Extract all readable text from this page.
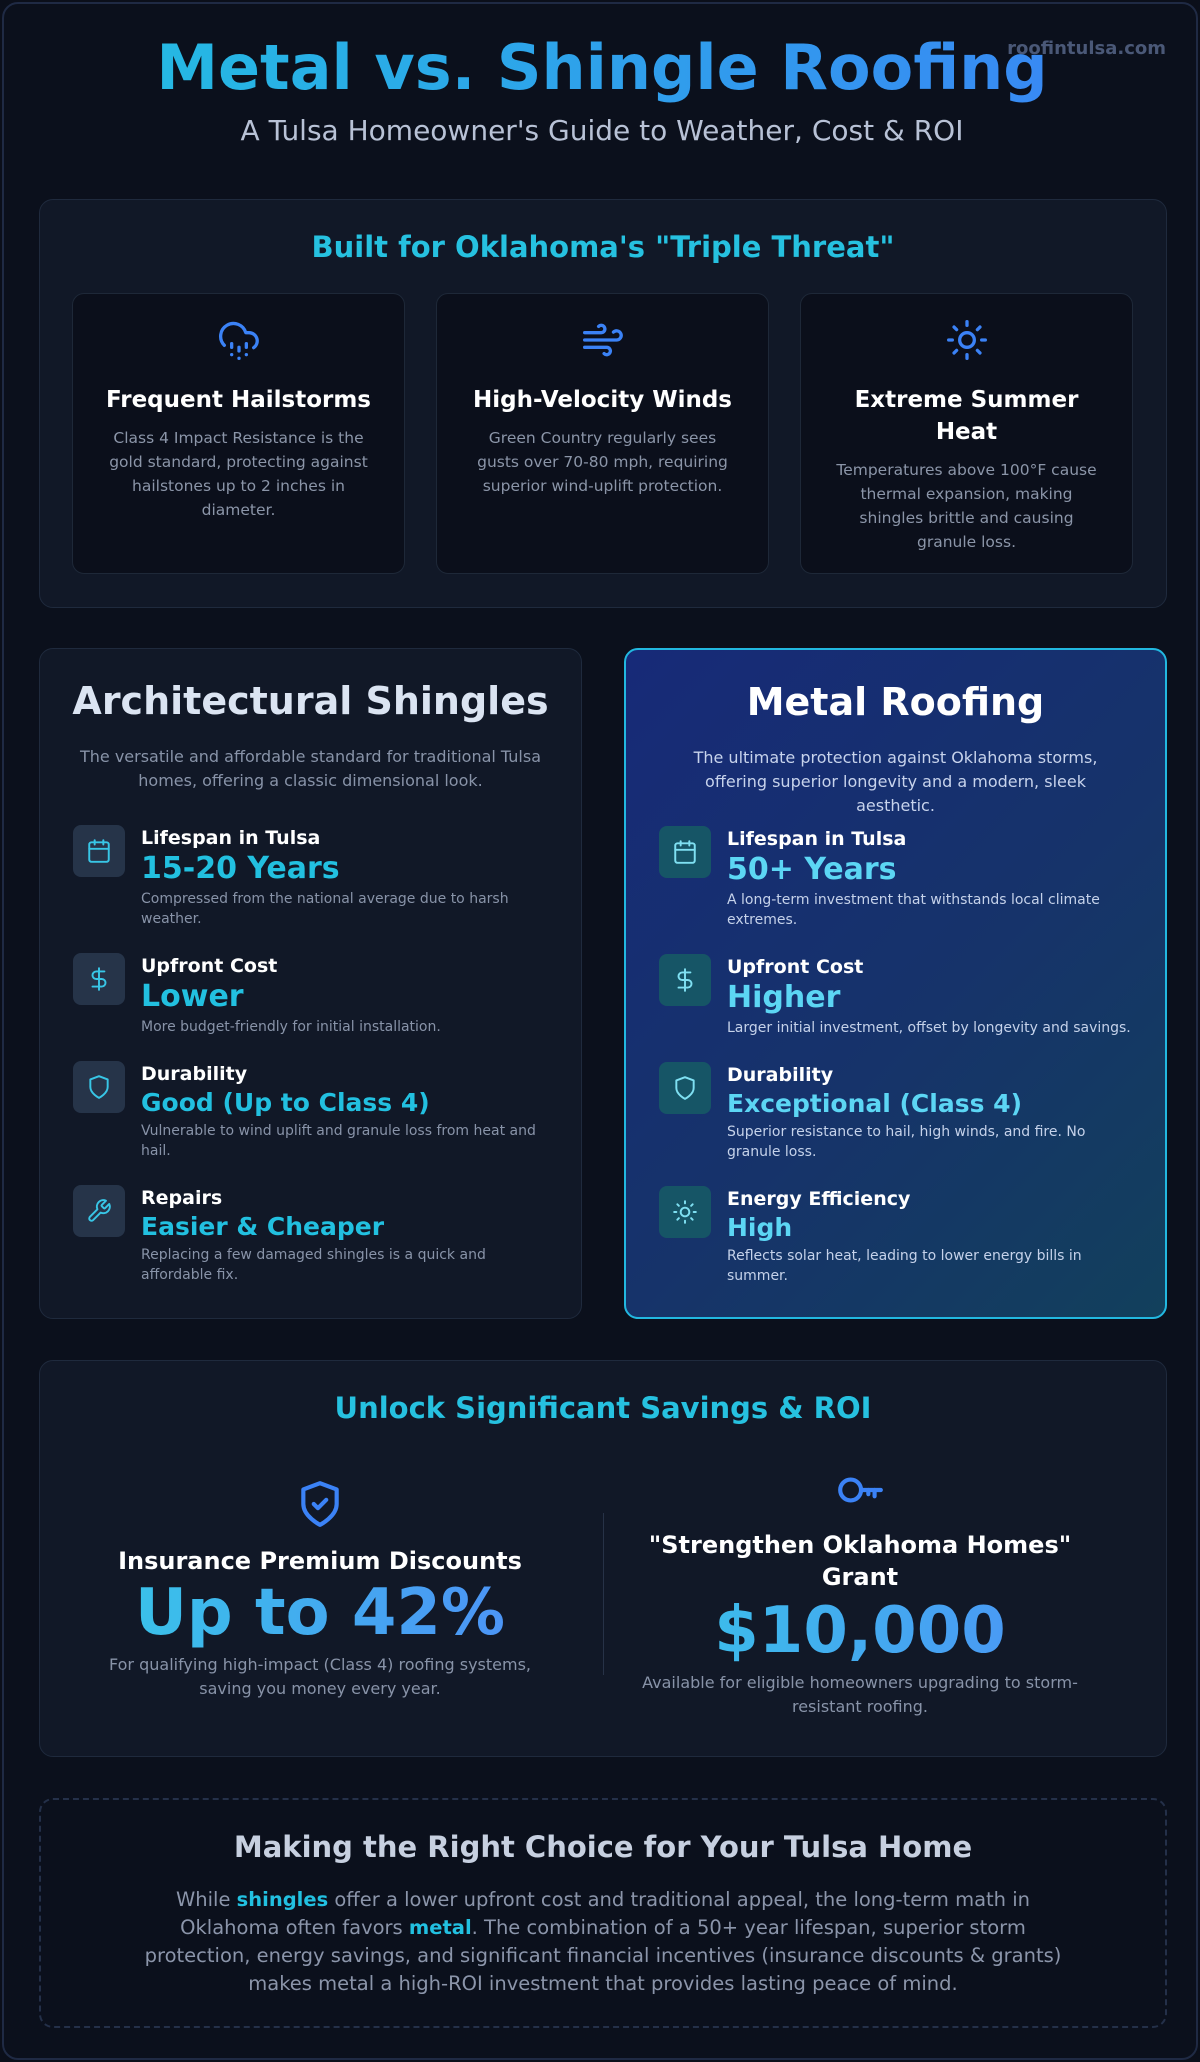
Metal vs. Shingle Roofing
A Tulsa Homeowner's Guide to Weather, Cost & ROI
Built for Oklahoma's "Triple Threat"
Frequent Hailstorms

Class 4 Impact Resistance is the gold standard, protecting against hailstones up to 2 inches in diameter.

High-Velocity Winds

Green Country regularly sees gusts over 70-80 mph, requiring superior wind-uplift protection.

Extreme Summer Heat

Temperatures above 100°F cause thermal expansion, making shingles brittle and causing granule loss.

Architectural Shingles

The versatile and affordable standard for traditional Tulsa homes, offering a classic dimensional look.

Lifespan in Tulsa
15-20 Years
Compressed from the national average due to harsh weather.
Upfront Cost
Lower
More budget-friendly for initial installation.
Durability
Good (Up to Class 4)
Vulnerable to wind uplift and granule loss from heat and hail.
Repairs
Easier & Cheaper
Replacing a few damaged shingles is a quick and affordable fix.
Metal Roofing

The ultimate protection against Oklahoma storms, offering superior longevity and a modern, sleek aesthetic.

Lifespan in Tulsa
50+ Years
A long-term investment that withstands local climate extremes.
Upfront Cost
Higher
Larger initial investment, offset by longevity and savings.
Durability
Exceptional (Class 4)
Superior resistance to hail, high winds, and fire. No granule loss.
Energy Efficiency
High
Reflects solar heat, leading to lower energy bills in summer.
Unlock Significant Savings & ROI
Insurance Premium Discounts
Up to 42%
For qualifying high-impact (Class 4) roofing systems, saving you money every year.
"Strengthen Oklahoma Homes" Grant
$10,000
Available for eligible homeowners upgrading to storm-resistant roofing.
Making the Right Choice for Your Tulsa Home

While shingles offer a lower upfront cost and traditional appeal, the long-term math in Oklahoma often favors metal. The combination of a 50+ year lifespan, superior storm protection, energy savings, and significant financial incentives (insurance discounts & grants) makes metal a high-ROI investment that provides lasting peace of mind.
